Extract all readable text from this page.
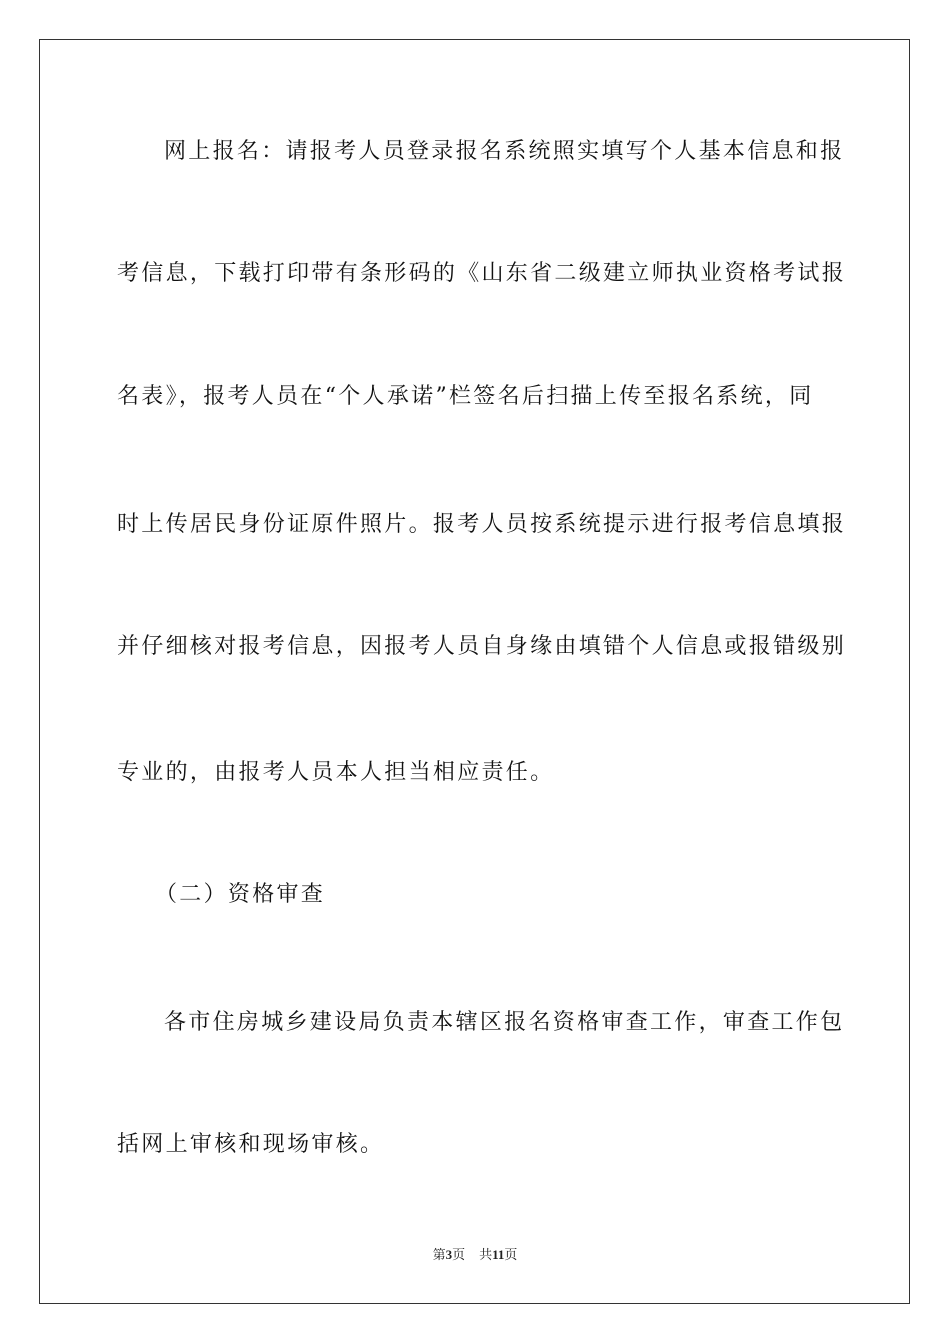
网上报名：请报考人员登录报名系统照实填写个人基本信息和报
考信息，下载打印带有条形码的《山东省二级建立师执业资格考试报
名表》，报考人员在“个人承诺”栏签名后扫描上传至报名系统，同
时上传居民身份证原件照片。报考人员按系统提示进行报考信息填报
并仔细核对报考信息，因报考人员自身缘由填错个人信息或报错级别
专业的，由报考人员本人担当相应责任。
（二）资格审查
各市住房城乡建设局负责本辖区报名资格审查工作，审查工作包
括网上审核和现场审核。
第3页 共11页
